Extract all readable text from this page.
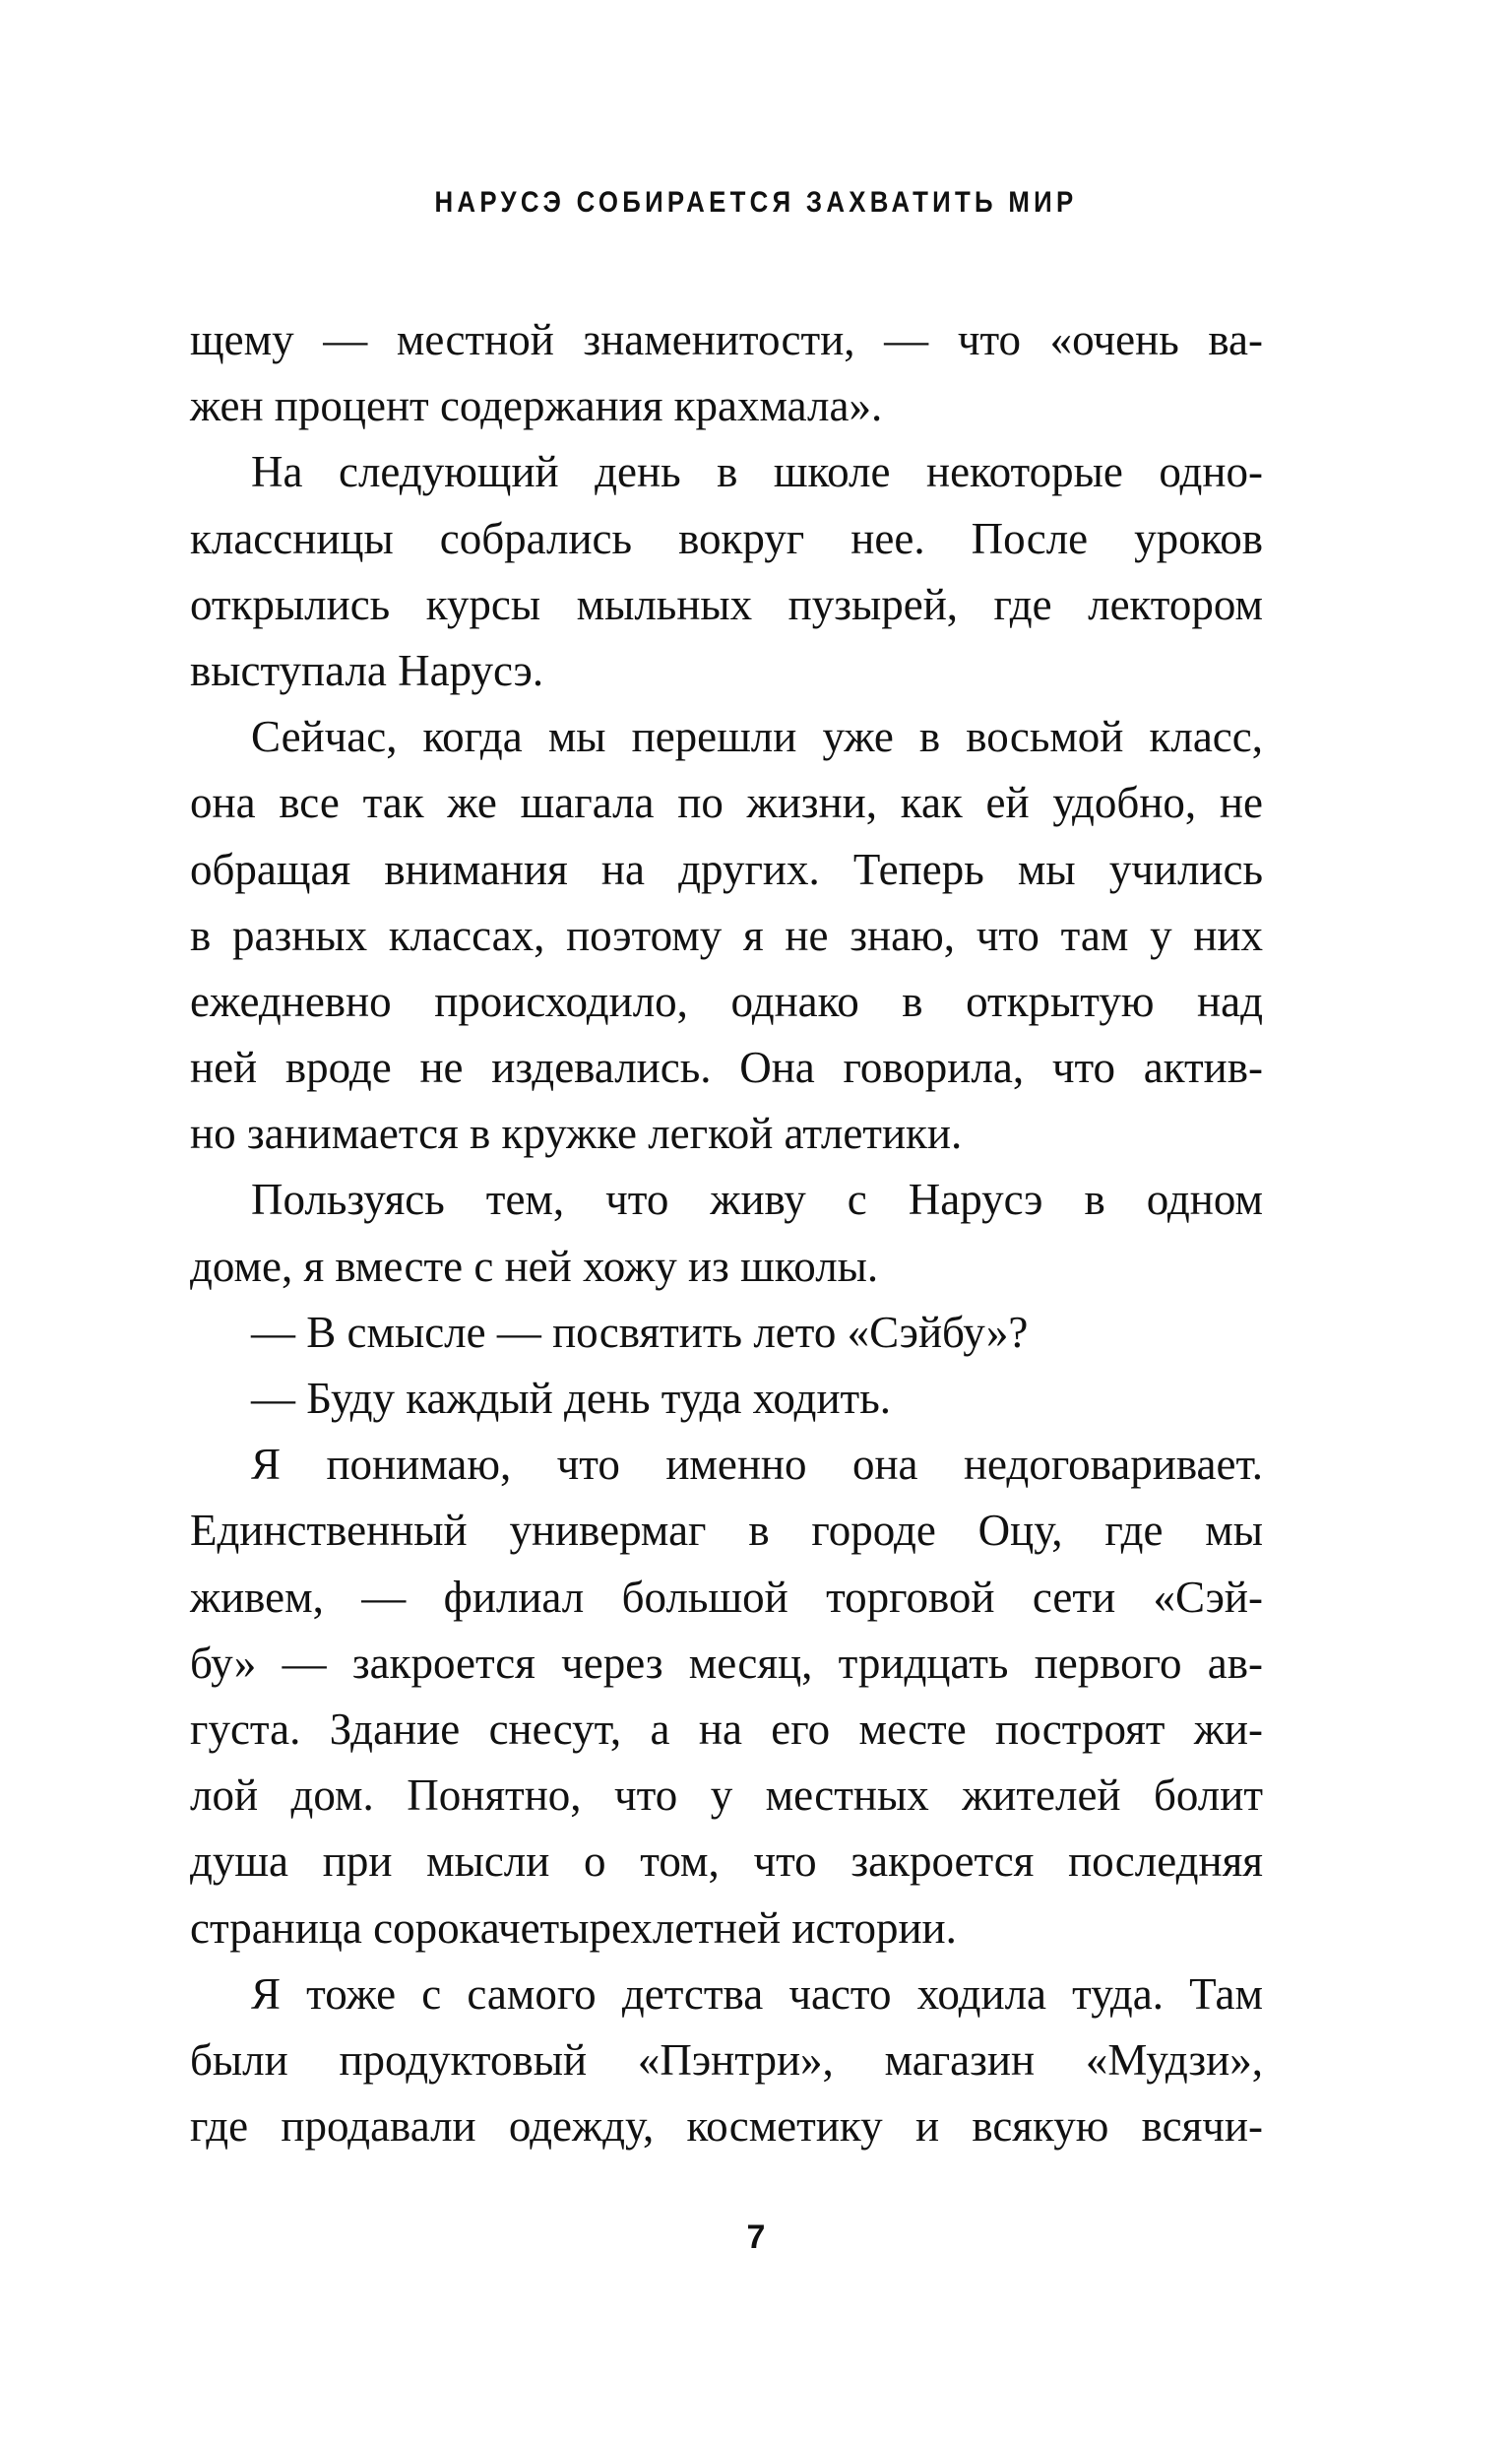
НАРУСЭ СОБИРАЕТСЯ ЗАХВАТИТЬ МИР
щему — местной знаменитости, — что «очень ва-
жен процент содержания крахмала».
На следующий день в школе некоторые одно-
классницы собрались вокруг нее. После уроков
открылись курсы мыльных пузырей, где лектором
выступала Нарусэ.
Сейчас, когда мы перешли уже в восьмой класс,
она все так же шагала по жизни, как ей удобно, не
обращая внимания на других. Теперь мы учились
в разных классах, поэтому я не знаю, что там у них
ежедневно происходило, однако в открытую над
ней вроде не издевались. Она говорила, что актив-
но занимается в кружке легкой атлетики.
Пользуясь тем, что живу с Нарусэ в одном
доме, я вместе с ней хожу из школы.
— В смысле — посвятить лето «Сэйбу»?
— Буду каждый день туда ходить.
Я понимаю, что именно она недоговаривает.
Единственный универмаг в городе Оцу, где мы
живем, — филиал большой торговой сети «Сэй-
бу» — закроется через месяц, тридцать первого ав-
густа. Здание снесут, а на его месте построят жи-
лой дом. Понятно, что у местных жителей болит
душа при мысли о том, что закроется последняя
страница сорокачетырехлетней истории.
Я тоже с самого детства часто ходила туда. Там
были продуктовый «Пэнтри», магазин «Мудзи»,
где продавали одежду, косметику и всякую всячи-
7
